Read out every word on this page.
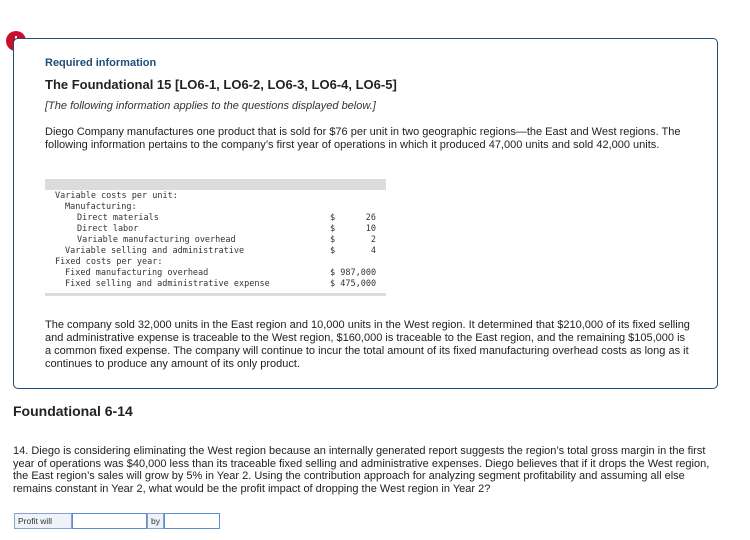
Required information
The Foundational 15 [LO6-1, LO6-2, LO6-3, LO6-4, LO6-5]
[The following information applies to the questions displayed below.]
Diego Company manufactures one product that is sold for $76 per unit in two geographic regions—the East and West regions. The following information pertains to the company’s first year of operations in which it produced 47,000 units and sold 42,000 units.
Variable costs per unit:
Manufacturing:
Direct materials	$	26
Direct labor	$	10
Variable manufacturing overhead	$	2
Variable selling and administrative	$	4
Fixed costs per year:
Fixed manufacturing overhead	$ 987,000
Fixed selling and administrative expense	$ 475,000
The company sold 32,000 units in the East region and 10,000 units in the West region. It determined that $210,000 of its fixed selling and administrative expense is traceable to the West region, $160,000 is traceable to the East region, and the remaining $105,000 is a common fixed expense. The company will continue to incur the total amount of its fixed manufacturing overhead costs as long as it continues to produce any amount of its only product.
Foundational 6-14
14. Diego is considering eliminating the West region because an internally generated report suggests the region’s total gross margin in the first year of operations was $40,000 less than its traceable fixed selling and administrative expenses. Diego believes that if it drops the West region, the East region’s sales will grow by 5% in Year 2. Using the contribution approach for analyzing segment profitability and assuming all else remains constant in Year 2, what would be the profit impact of dropping the West region in Year 2?
Profit will	by
